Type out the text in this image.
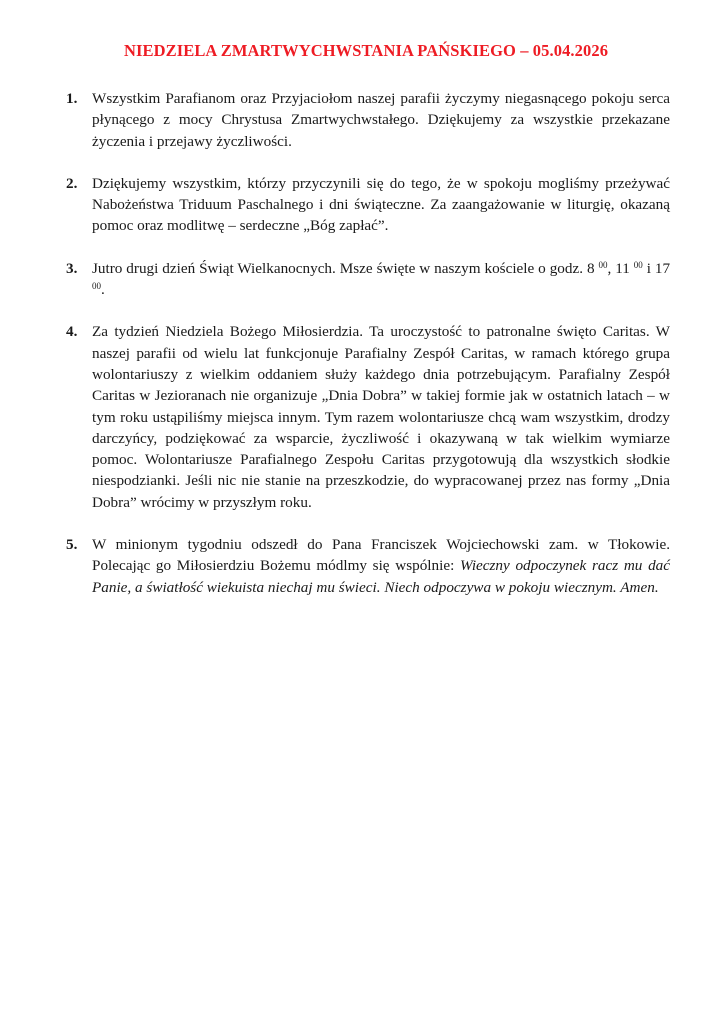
NIEDZIELA ZMARTWYCHWSTANIA PAŃSKIEGO – 05.04.2026
1. Wszystkim Parafianom oraz Przyjaciołom naszej parafii życzymy niegasnącego pokoju serca płynącego z mocy Chrystusa Zmartwychwstałego. Dziękujemy za wszystkie przekazane życzenia i przejawy życzliwości.
2. Dziękujemy wszystkim, którzy przyczynili się do tego, że w spokoju mogliśmy przeżywać Nabożeństwa Triduum Paschalnego i dni świąteczne. Za zaangażowanie w liturgię, okazaną pomoc oraz modlitwę – serdeczne „Bóg zapłać”.
3. Jutro drugi dzień Świąt Wielkanocnych. Msze święte w naszym kościele o godz. 8 $^{00}$, 11 $^{00}$ i 17 $^{00}$.
4. Za tydzień Niedziela Bożego Miłosierdzia. Ta uroczystość to patronalne święto Caritas. W naszej parafii od wielu lat funkcjonuje Parafialny Zespół Caritas, w ramach którego grupa wolontariuszy z wielkim oddaniem służy każdego dnia potrzebującym. Parafialny Zespół Caritas w Jezioranach nie organizuje „Dnia Dobra” w takiej formie jak w ostatnich latach – w tym roku ustąpiliśmy miejsca innym. Tym razem wolontariusze chcą wam wszystkim, drodzy darczyńcy, podziękować za wsparcie, życzliwość i okazywaną w tak wielkim wymiarze pomoc. Wolontariusze Parafialnego Zespołu Caritas przygotowują dla wszystkich słodkie niespodzianki. Jeśli nic nie stanie na przeszkodzie, do wypracowanej przez nas formy „Dnia Dobra” wrócimy w przyszłym roku.
5. W minionym tygodniu odszedł do Pana Franciszek Wojciechowski zam. w Tłokowie. Polecając go Miłosierdziu Bożemu módlmy się wspólnie: Wieczny odpoczynek racz mu dać Panie, a światłość wiekuista niechaj mu świeci. Niech odpoczywa w pokoju wiecznym. Amen.
